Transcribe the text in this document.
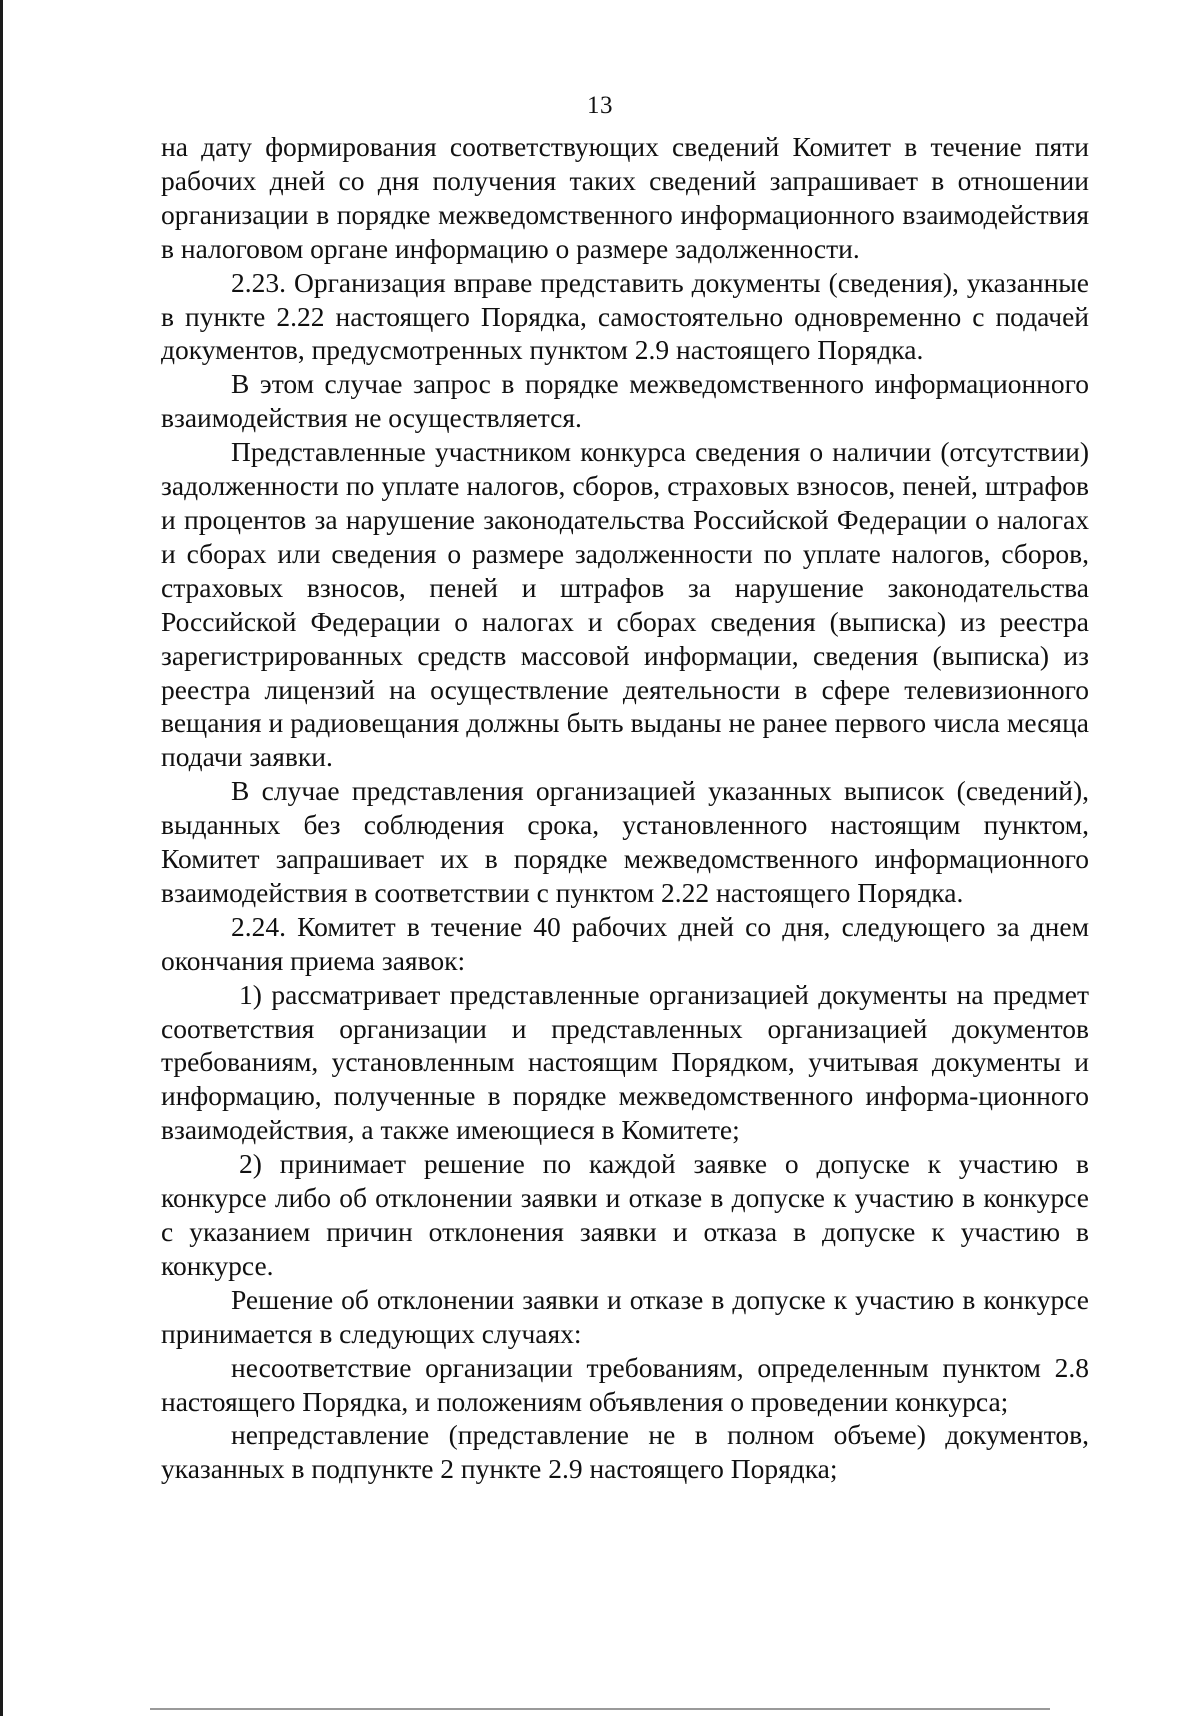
13

на дату формирования соответствующих сведений Комитет в течение пяти рабочих дней со дня получения таких сведений запрашивает в отношении организации в порядке межведомственного информационного взаимодействия в налоговом органе информацию о размере задолженности.

2.23. Организация вправе представить документы (сведения), указанные в пункте 2.22 настоящего Порядка, самостоятельно одновременно с подачей документов, предусмотренных пунктом 2.9 настоящего Порядка.

В этом случае запрос в порядке межведомственного информационного взаимодействия не осуществляется.

Представленные участником конкурса сведения о наличии (отсутствии) задолженности по уплате налогов, сборов, страховых взносов, пеней, штрафов и процентов за нарушение законодательства Российской Федерации о налогах и сборах или сведения о размере задолженности по уплате налогов, сборов, страховых взносов, пеней и штрафов за нарушение законодательства Российской Федерации о налогах и сборах сведения (выписка) из реестра зарегистрированных средств массовой информации, сведения (выписка) из реестра лицензий на осуществление деятельности в сфере телевизионного вещания и радиовещания должны быть выданы не ранее первого числа месяца подачи заявки.

В случае представления организацией указанных выписок (сведений), выданных без соблюдения срока, установленного настоящим пунктом, Комитет запрашивает их в порядке межведомственного информационного взаимодействия в соответствии с пунктом 2.22 настоящего Порядка.

2.24. Комитет в течение 40 рабочих дней со дня, следующего за днем окончания приема заявок:

1) рассматривает представленные организацией документы на предмет соответствия организации и представленных организацией документов требованиям, установленным настоящим Порядком, учитывая документы и информацию, полученные в порядке межведомственного информа-ционного взаимодействия, а также имеющиеся в Комитете;

2) принимает решение по каждой заявке о допуске к участию в конкурсе либо об отклонении заявки и отказе в допуске к участию в конкурсе с указанием причин отклонения заявки и отказа в допуске к участию в конкурсе.

Решение об отклонении заявки и отказе в допуске к участию в конкурсе принимается в следующих случаях:

несоответствие организации требованиям, определенным пунктом 2.8 настоящего Порядка, и положениям объявления о проведении конкурса;

непредставление (представление не в полном объеме) документов, указанных в подпункте 2 пункте 2.9 настоящего Порядка;
